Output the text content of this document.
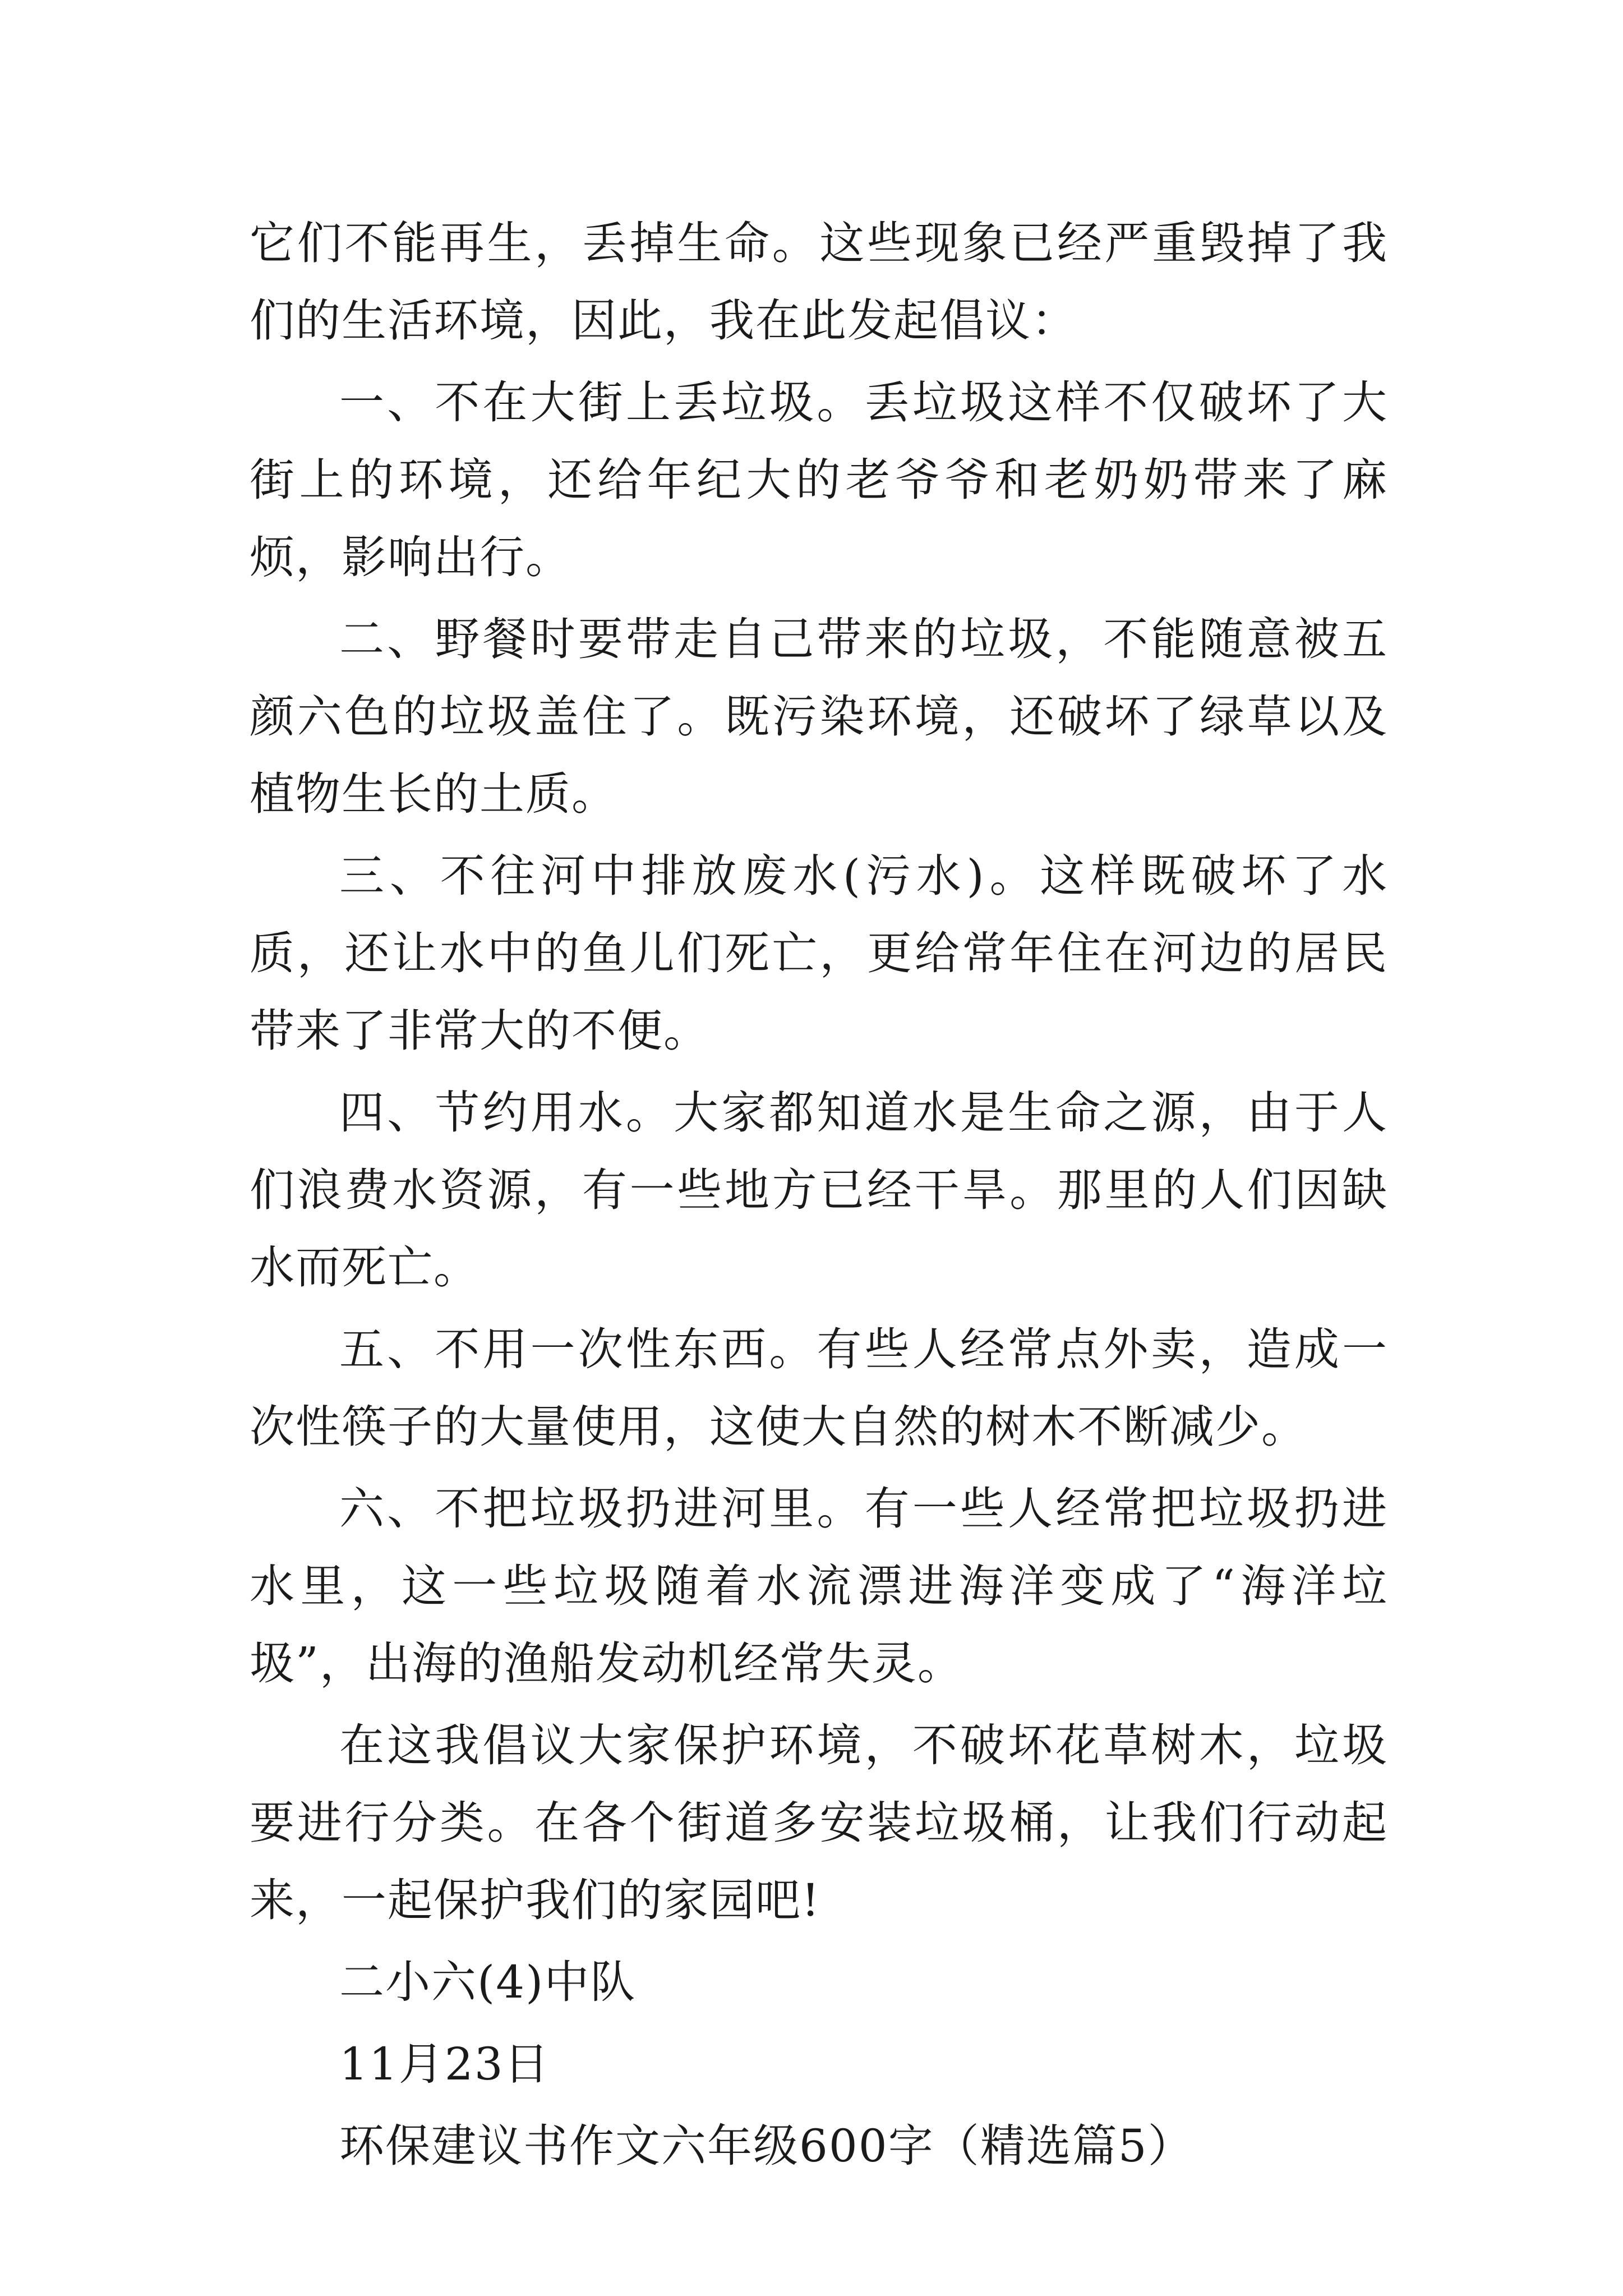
它们不能再生，丢掉生命。这些现象已经严重毁掉了我们的生活环境，因此，我在此发起倡议：

一、不在大街上丢垃圾。丢垃圾这样不仅破坏了大街上的环境，还给年纪大的老爷爷和老奶奶带来了麻烦，影响出行。

二、野餐时要带走自己带来的垃圾，不能随意被五颜六色的垃圾盖住了。既污染环境，还破坏了绿草以及植物生长的土质。

三、不往河中排放废水(污水)。这样既破坏了水质，还让水中的鱼儿们死亡，更给常年住在河边的居民带来了非常大的不便。

四、节约用水。大家都知道水是生命之源，由于人们浪费水资源，有一些地方已经干旱。那里的人们因缺水而死亡。

五、不用一次性东西。有些人经常点外卖，造成一次性筷子的大量使用，这使大自然的树木不断减少。

六、不把垃圾扔进河里。有一些人经常把垃圾扔进水里，这一些垃圾随着水流漂进海洋变成了“海洋垃圾”，出海的渔船发动机经常失灵。

在这我倡议大家保护环境，不破坏花草树木，垃圾要进行分类。在各个街道多安装垃圾桶，让我们行动起来，一起保护我们的家园吧!

二小六(4)中队

11月23日

环保建议书作文六年级600字（精选篇5）
